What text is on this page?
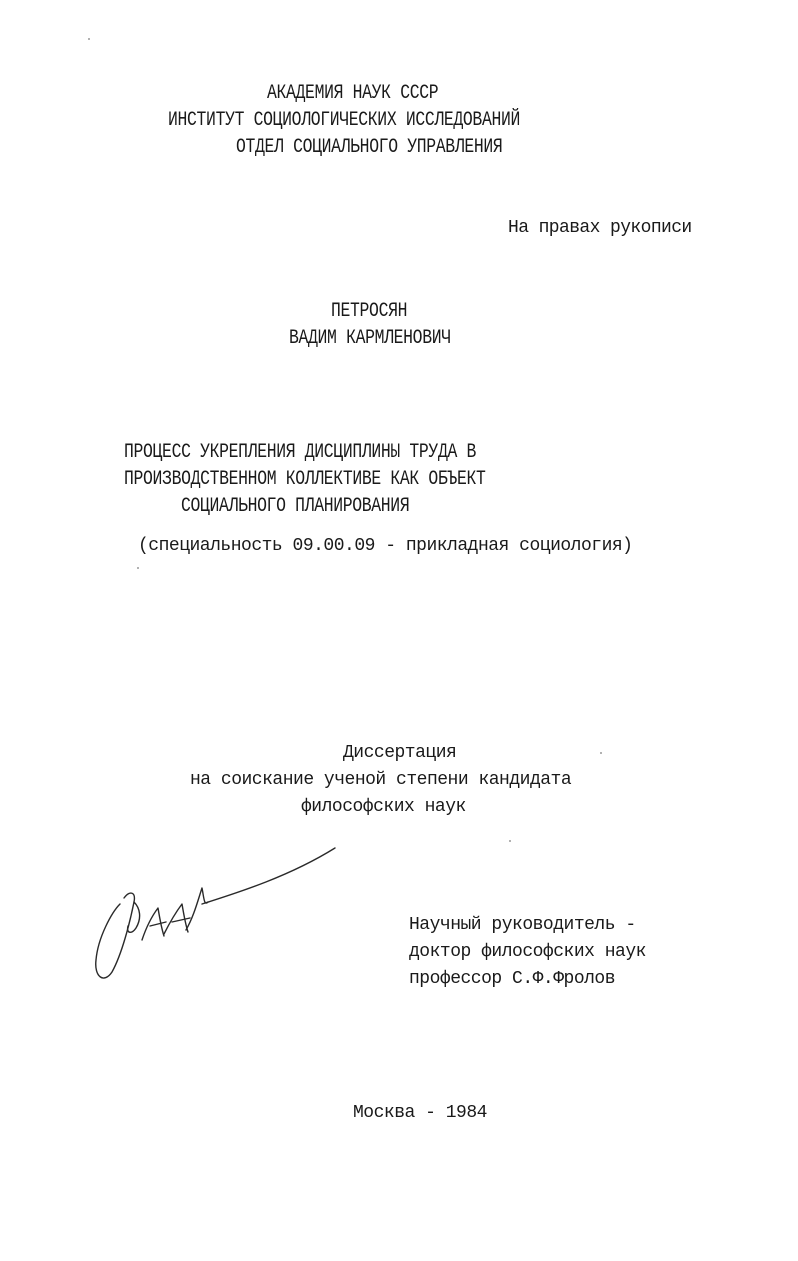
АКАДЕМИЯ НАУК СССР
ИНСТИТУТ СОЦИОЛОГИЧЕСКИХ ИССЛЕДОВАНИЙ
ОТДЕЛ СОЦИАЛЬНОГО УПРАВЛЕНИЯ
На правах рукописи
ПЕТРОСЯН
ВАДИМ КАРМЛЕНОВИЧ
ПРОЦЕСС УКРЕПЛЕНИЯ ДИСЦИПЛИНЫ ТРУДА В
ПРОИЗВОДСТВЕННОМ КОЛЛЕКТИВЕ КАК ОБЪЕКТ
СОЦИАЛЬНОГО ПЛАНИРОВАНИЯ
(специальность 09.00.09 - прикладная социология)
Диссертация
на соискание ученой степени кандидата
философских наук
Научный руководитель -
доктор философских наук
профессор С.Ф.Фролов
Москва - 1984
